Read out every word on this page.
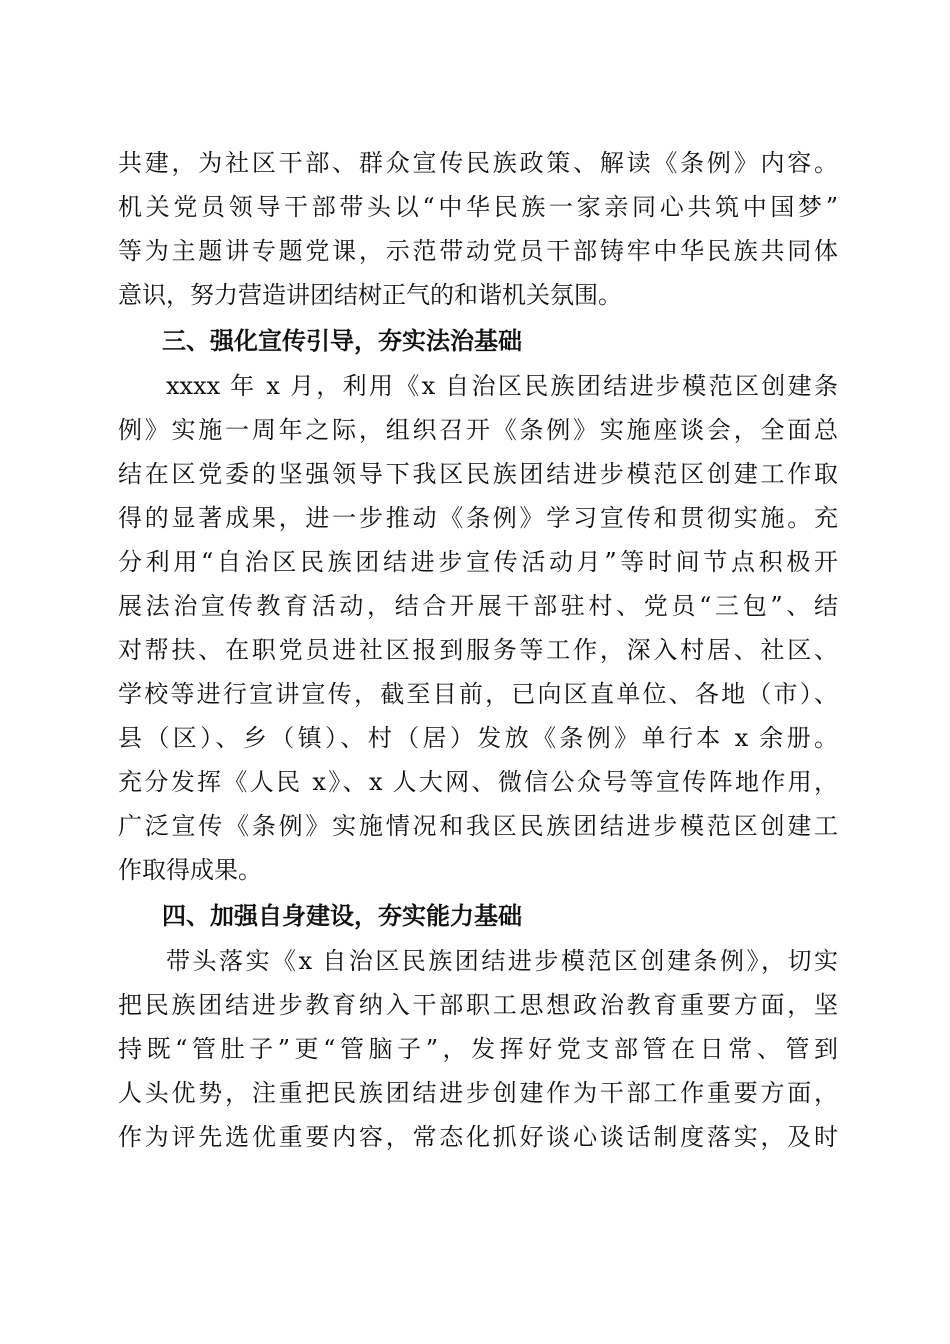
共建，为社区干部、群众宣传民族政策、解读《条例》内容。
机关党员领导干部带头以“中华民族一家亲同心共筑中国梦”
等为主题讲专题党课，示范带动党员干部铸牢中华民族共同体
意识，努力营造讲团结树正气的和谐机关氛围。
三、强化宣传引导，夯实法治基础
xxxx 年 x 月，利用《x 自治区民族团结进步模范区创建条
例》实施一周年之际，组织召开《条例》实施座谈会，全面总
结在区党委的坚强领导下我区民族团结进步模范区创建工作取
得的显著成果，进一步推动《条例》学习宣传和贯彻实施。充
分利用“自治区民族团结进步宣传活动月”等时间节点积极开
展法治宣传教育活动，结合开展干部驻村、党员“三包”、结
对帮扶、在职党员进社区报到服务等工作，深入村居、社区、
学校等进行宣讲宣传，截至目前，已向区直单位、各地（市）、
县（区）、乡（镇）、村（居）发放《条例》单行本 x 余册。
充分发挥《人民 x》、x 人大网、微信公众号等宣传阵地作用，
广泛宣传《条例》实施情况和我区民族团结进步模范区创建工
作取得成果。
四、加强自身建设，夯实能力基础
带头落实《x 自治区民族团结进步模范区创建条例》，切实
把民族团结进步教育纳入干部职工思想政治教育重要方面，坚
持既“管肚子”更“管脑子”，发挥好党支部管在日常、管到
人头优势，注重把民族团结进步创建作为干部工作重要方面，
作为评先选优重要内容，常态化抓好谈心谈话制度落实，及时
